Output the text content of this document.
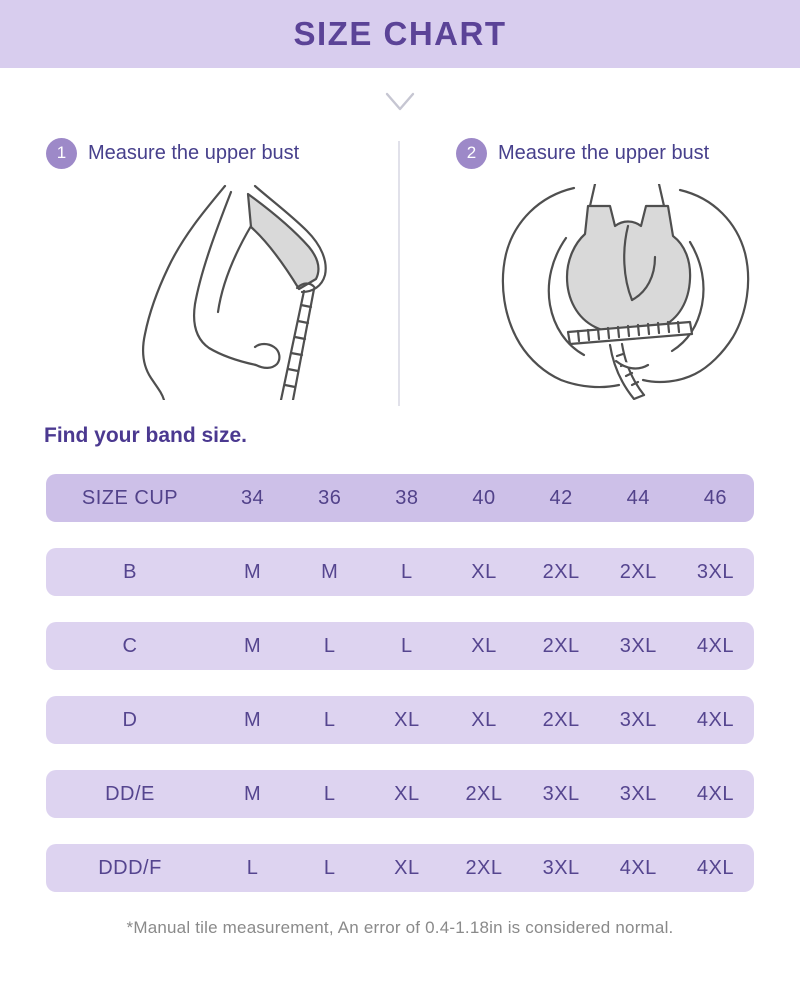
SIZE CHART
1	Measure the upper bust	2	Measure the upper bust
Find your band size.
SIZE CUP	34	36	38	40	42	44	46
B	M	M	L	XL	2XL	2XL	3XL
C	M	L	L	XL	2XL	3XL	4XL
D	M	L	XL	XL	2XL	3XL	4XL
DD/E	M	L	XL	2XL	3XL	3XL	4XL
DDD/F	L	L	XL	2XL	3XL	4XL	4XL
*Manual tile measurement, An error of 0.4-1.18in is considered normal.
